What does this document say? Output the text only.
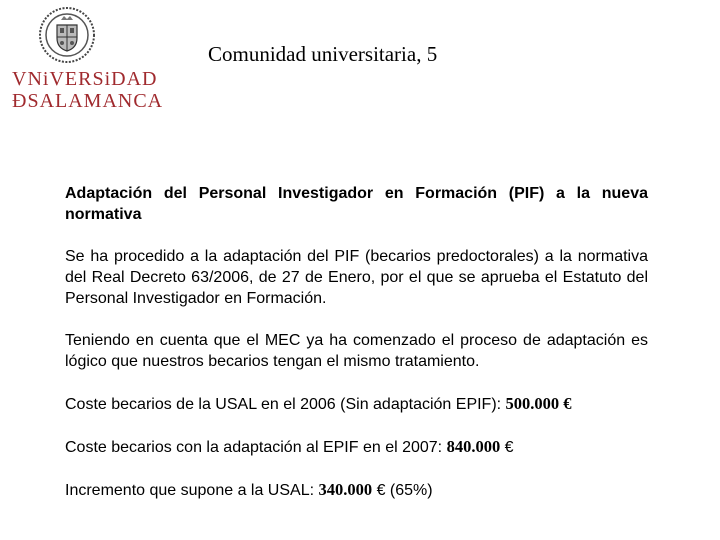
VNiVERSiDAD
ÐSALAMANCA
Comunidad universitaria, 5

Adaptación del Personal Investigador en Formación (PIF) a la nueva normativa

Se ha procedido a la adaptación del PIF (becarios predoctorales) a la normativa del Real Decreto 63/2006, de 27 de Enero, por el que se aprueba el Estatuto del Personal Investigador en Formación.

Teniendo en cuenta que el MEC ya ha comenzado el proceso de adaptación es lógico que nuestros becarios tengan el mismo tratamiento.

Coste becarios de la USAL en el 2006 (Sin adaptación EPIF): 500.000 €

Coste becarios con la adaptación al EPIF en el 2007: 840.000 €

Incremento que supone a la USAL: 340.000 € (65%)
